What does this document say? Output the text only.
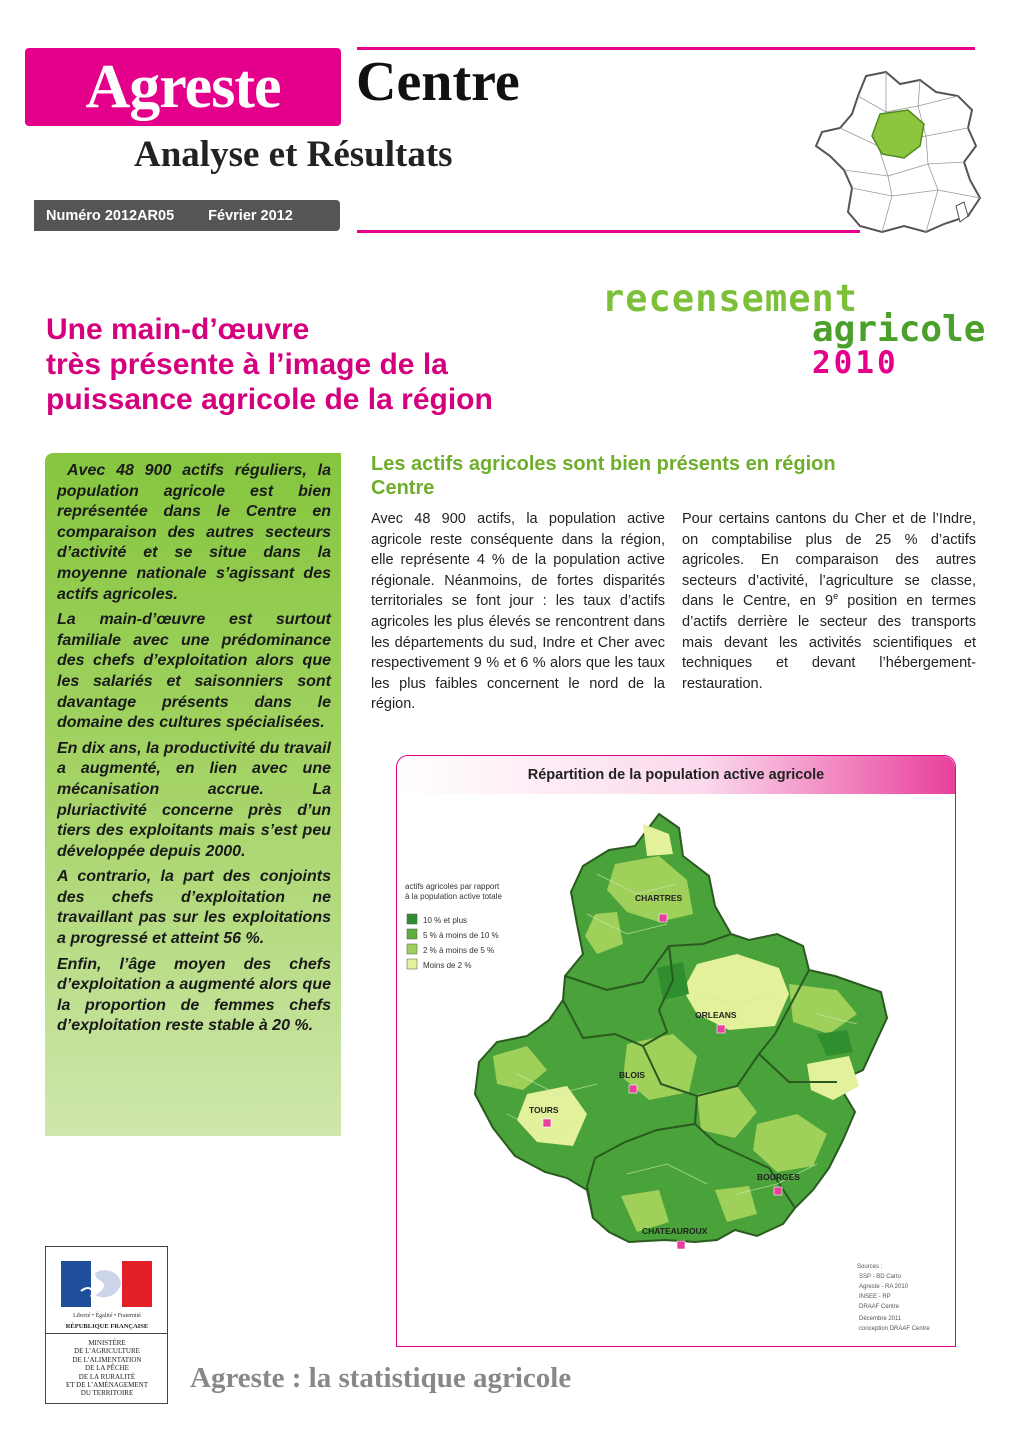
Agreste Centre
Analyse et Résultats
Numéro 2012AR05 Février 2012
recensement
agricole
2010
Une main-d’œuvre
très présente à l’image de la
puissance agricole de la région

Avec 48 900 actifs réguliers, la population agricole est bien représentée dans le Centre en comparaison des autres secteurs d’activité et se situe dans la moyenne nationale s’agissant des actifs agricoles.

La main-d’œuvre est surtout familiale avec une prédominance des chefs d’exploitation alors que les salariés et saisonniers sont davantage présents dans le domaine des cultures spécialisées.

En dix ans, la productivité du travail a augmenté, en lien avec une mécanisation accrue. La pluriactivité concerne près d’un tiers des exploitants mais s’est peu développée depuis 2000.

A contrario, la part des conjoints des chefs d’exploitation ne travaillant pas sur les exploitations a progressé et atteint 56 %.

Enfin, l’âge moyen des chefs d’exploitation a augmenté alors que la proportion de femmes chefs d’exploitation reste stable à 20 %.

Les actifs agricoles sont bien présents en région Centre
Avec 48 900 actifs, la population active agricole reste conséquente dans la région, elle représente 4 % de la population active régionale. Néanmoins, de fortes disparités territoriales se font jour : les taux d’actifs agricoles les plus élevés se rencontrent dans les départements du sud, Indre et Cher avec respectivement 9 % et 6 % alors que les taux les plus faibles concernent le nord de la région.
Pour certains cantons du Cher et de l’Indre, on comptabilise plus de 25 % d’actifs agricoles. En comparaison des autres secteurs d’activité, l’agriculture se classe, dans le Centre, en 9e position en termes d’actifs derrière le secteur des transports mais devant les activités scientifiques et techniques et devant l’hébergement-restauration.
Répartition de la population active agricole
actifs agricoles par rapport
à la population active totale
10 % et plus
5 % à moins de 10 %
2 % à moins de 5 %
Moins de 2 %
CHARTRES
ORLEANS
BLOIS
TOURS
BOURGES
CHATEAUROUX
Sources :
SSP - BD Carto
Agreste - RA 2010
INSEE - RP
DRAAF Centre
Décembre 2011
conception DRAAF Centre
Liberté • Égalité • Fraternité
RÉPUBLIQUE FRANÇAISE
MINISTÈRE
DE L’AGRICULTURE
DE L’ALIMENTATION
DE LA PÊCHE
DE LA RURALITÉ
ET DE L’AMÉNAGEMENT
DU TERRITOIRE	Agreste : la statistique agricole
